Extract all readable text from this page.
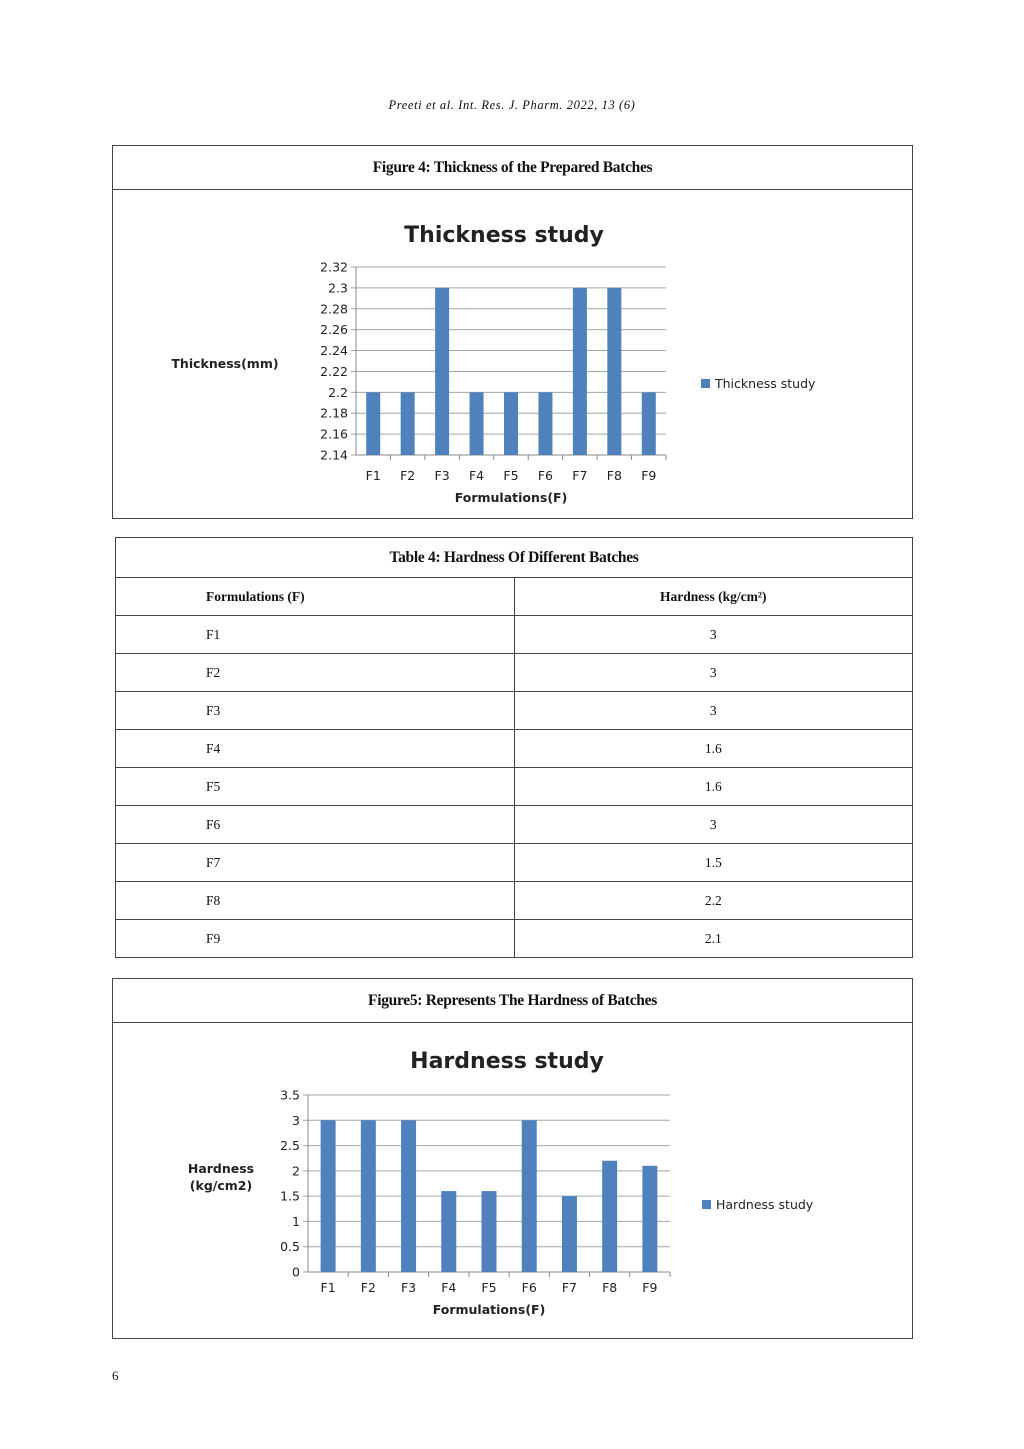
Preeti et al. Int. Res. J. Pharm. 2022, 13 (6)
Figure 4: Thickness of the Prepared Batches
Thickness study
2.14
2.16
2.18
2.2
2.22
2.24
2.26
2.28
2.3
2.32
F1 F2 F3 F4 F5 F6 F7 F8 F9
Formulations(F)
Thickness(mm)
Thickness study
Table 4: Hardness Of Different Batches
Formulations (F)	Hardness (kg/cm²)
F1	3
F2	3
F3	3
F4	1.6
F5	1.6
F6	3
F7	1.5
F8	2.2
F9	2.1
Figure5: Represents The Hardness of Batches
Hardness study
0
0.5
1
1.5
2
2.5
3
3.5
F1 F2 F3 F4 F5 F6 F7 F8 F9
Formulations(F)
Hardness
(kg/cm2)
Hardness study
6
